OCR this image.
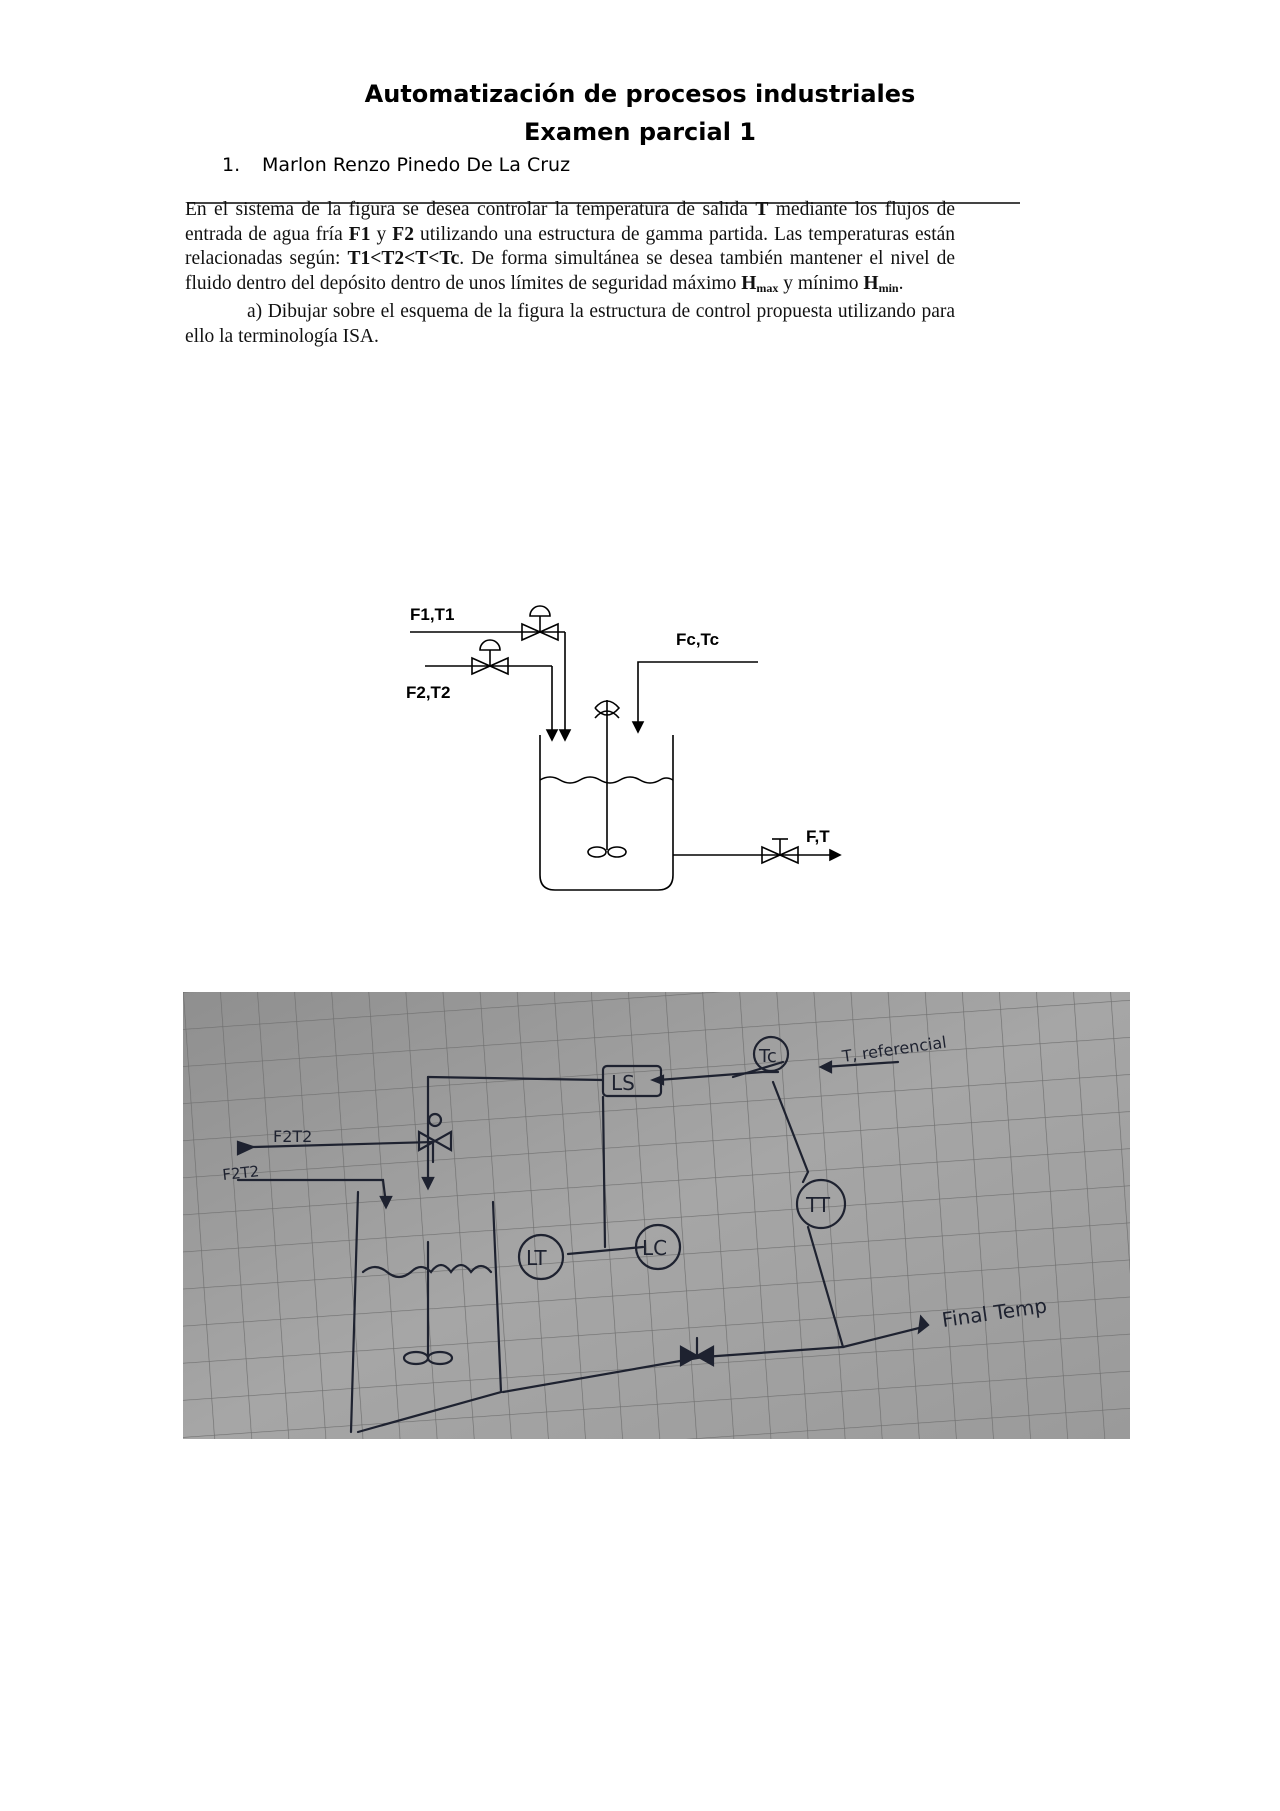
Automatización de procesos industriales
Examen parcial 1
1. Marlon Renzo Pinedo De La Cruz

En el sistema de la figura se desea controlar la temperatura de salida T mediante los flujos de entrada de agua fría F1 y F2 utilizando una estructura de gamma partida. Las temperaturas están relacionadas según: T1<T2<T<Tc. De forma simultánea se desea también mantener el nivel de fluido dentro del depósito dentro de unos límites de seguridad máximo $H_{max}$ y mínimo $H_{min}$.

a) Dibujar sobre el esquema de la figura la estructura de control propuesta utilizando para ello la terminología ISA.

F1,T1
F2,T2
Fc,Tc
F,T
LS
Tc
TT
LT	LC
T, referencial
F2T2
F2T2
Final Temp
